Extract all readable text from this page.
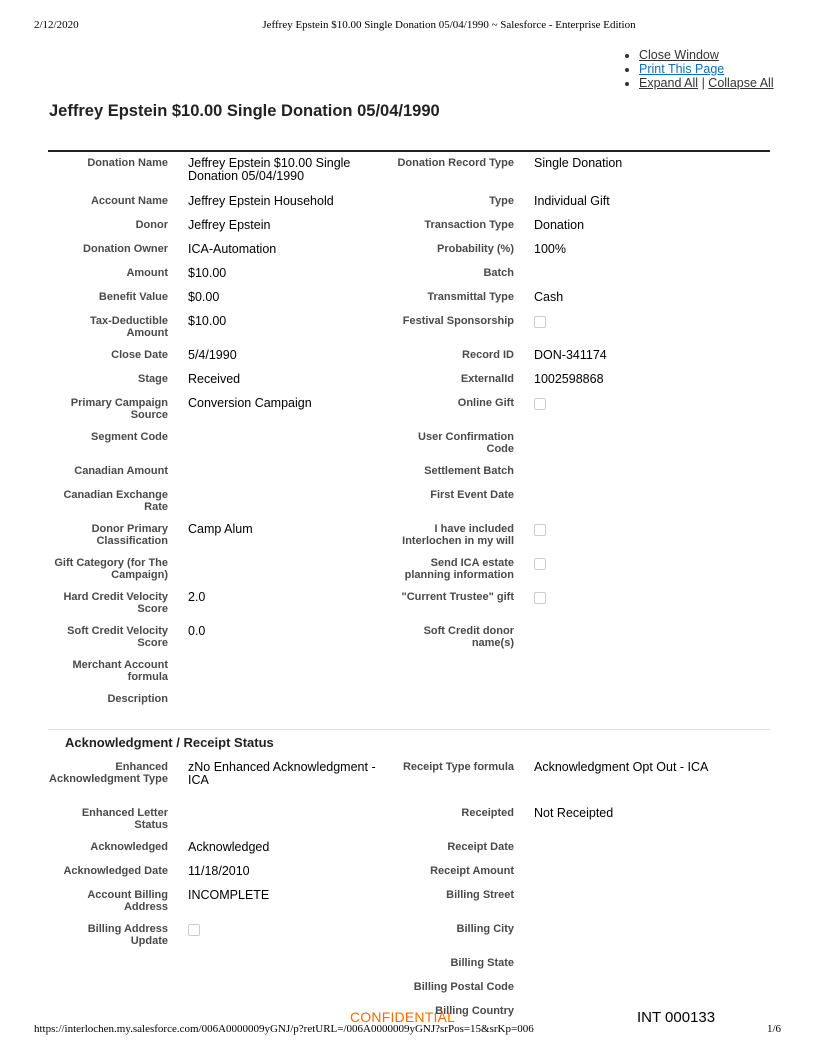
2/12/2020	Jeffrey Epstein $10.00 Single Donation 05/04/1990 ~ Salesforce - Enterprise Edition
• Close Window
• Print This Page
• Expand All | Collapse All
Jeffrey Epstein $10.00 Single Donation 05/04/1990
Donation Name	Jeffrey Epstein $10.00 Single Donation 05/04/1990	Donation Record Type	Single Donation
Account Name	Jeffrey Epstein Household	Type	Individual Gift
Donor	Jeffrey Epstein	Transaction Type	Donation
Donation Owner	ICA-Automation	Probability (%)	100%
Amount	$10.00	Batch	
Benefit Value	$0.00	Transmittal Type	Cash
Tax-Deductible Amount	$10.00	Festival Sponsorship	
Close Date	5/4/1990	Record ID	DON-341174
Stage	Received	ExternalId	1002598868
Primary Campaign Source	Conversion Campaign	Online Gift	
Segment Code		User Confirmation Code	
Canadian Amount		Settlement Batch	
Canadian Exchange Rate		First Event Date	
Donor Primary Classification	Camp Alum	I have included Interlochen in my will	
Gift Category (for The Campaign)		Send ICA estate planning information	
Hard Credit Velocity Score	2.0	"Current Trustee" gift	
Soft Credit Velocity Score	0.0	Soft Credit donor name(s)	
Merchant Account formula			
Description			
Acknowledgment / Receipt Status
Enhanced Acknowledgment Type	zNo Enhanced Acknowledgment - ICA	Receipt Type formula	Acknowledgment Opt Out - ICA
Enhanced Letter Status		Receipted	Not Receipted
Acknowledged	Acknowledged	Receipt Date	
Acknowledged Date	11/18/2010	Receipt Amount	
Account Billing Address	INCOMPLETE	Billing Street	
Billing Address Update		Billing City	
		Billing State	
		Billing Postal Code	
		Billing Country	
CONFIDENTIAL	INT 000133
https://interlochen.my.salesforce.com/006A0000009yGNJ/p?retURL=/006A0000009yGNJ?srPos=15&srKp=006	1/6
